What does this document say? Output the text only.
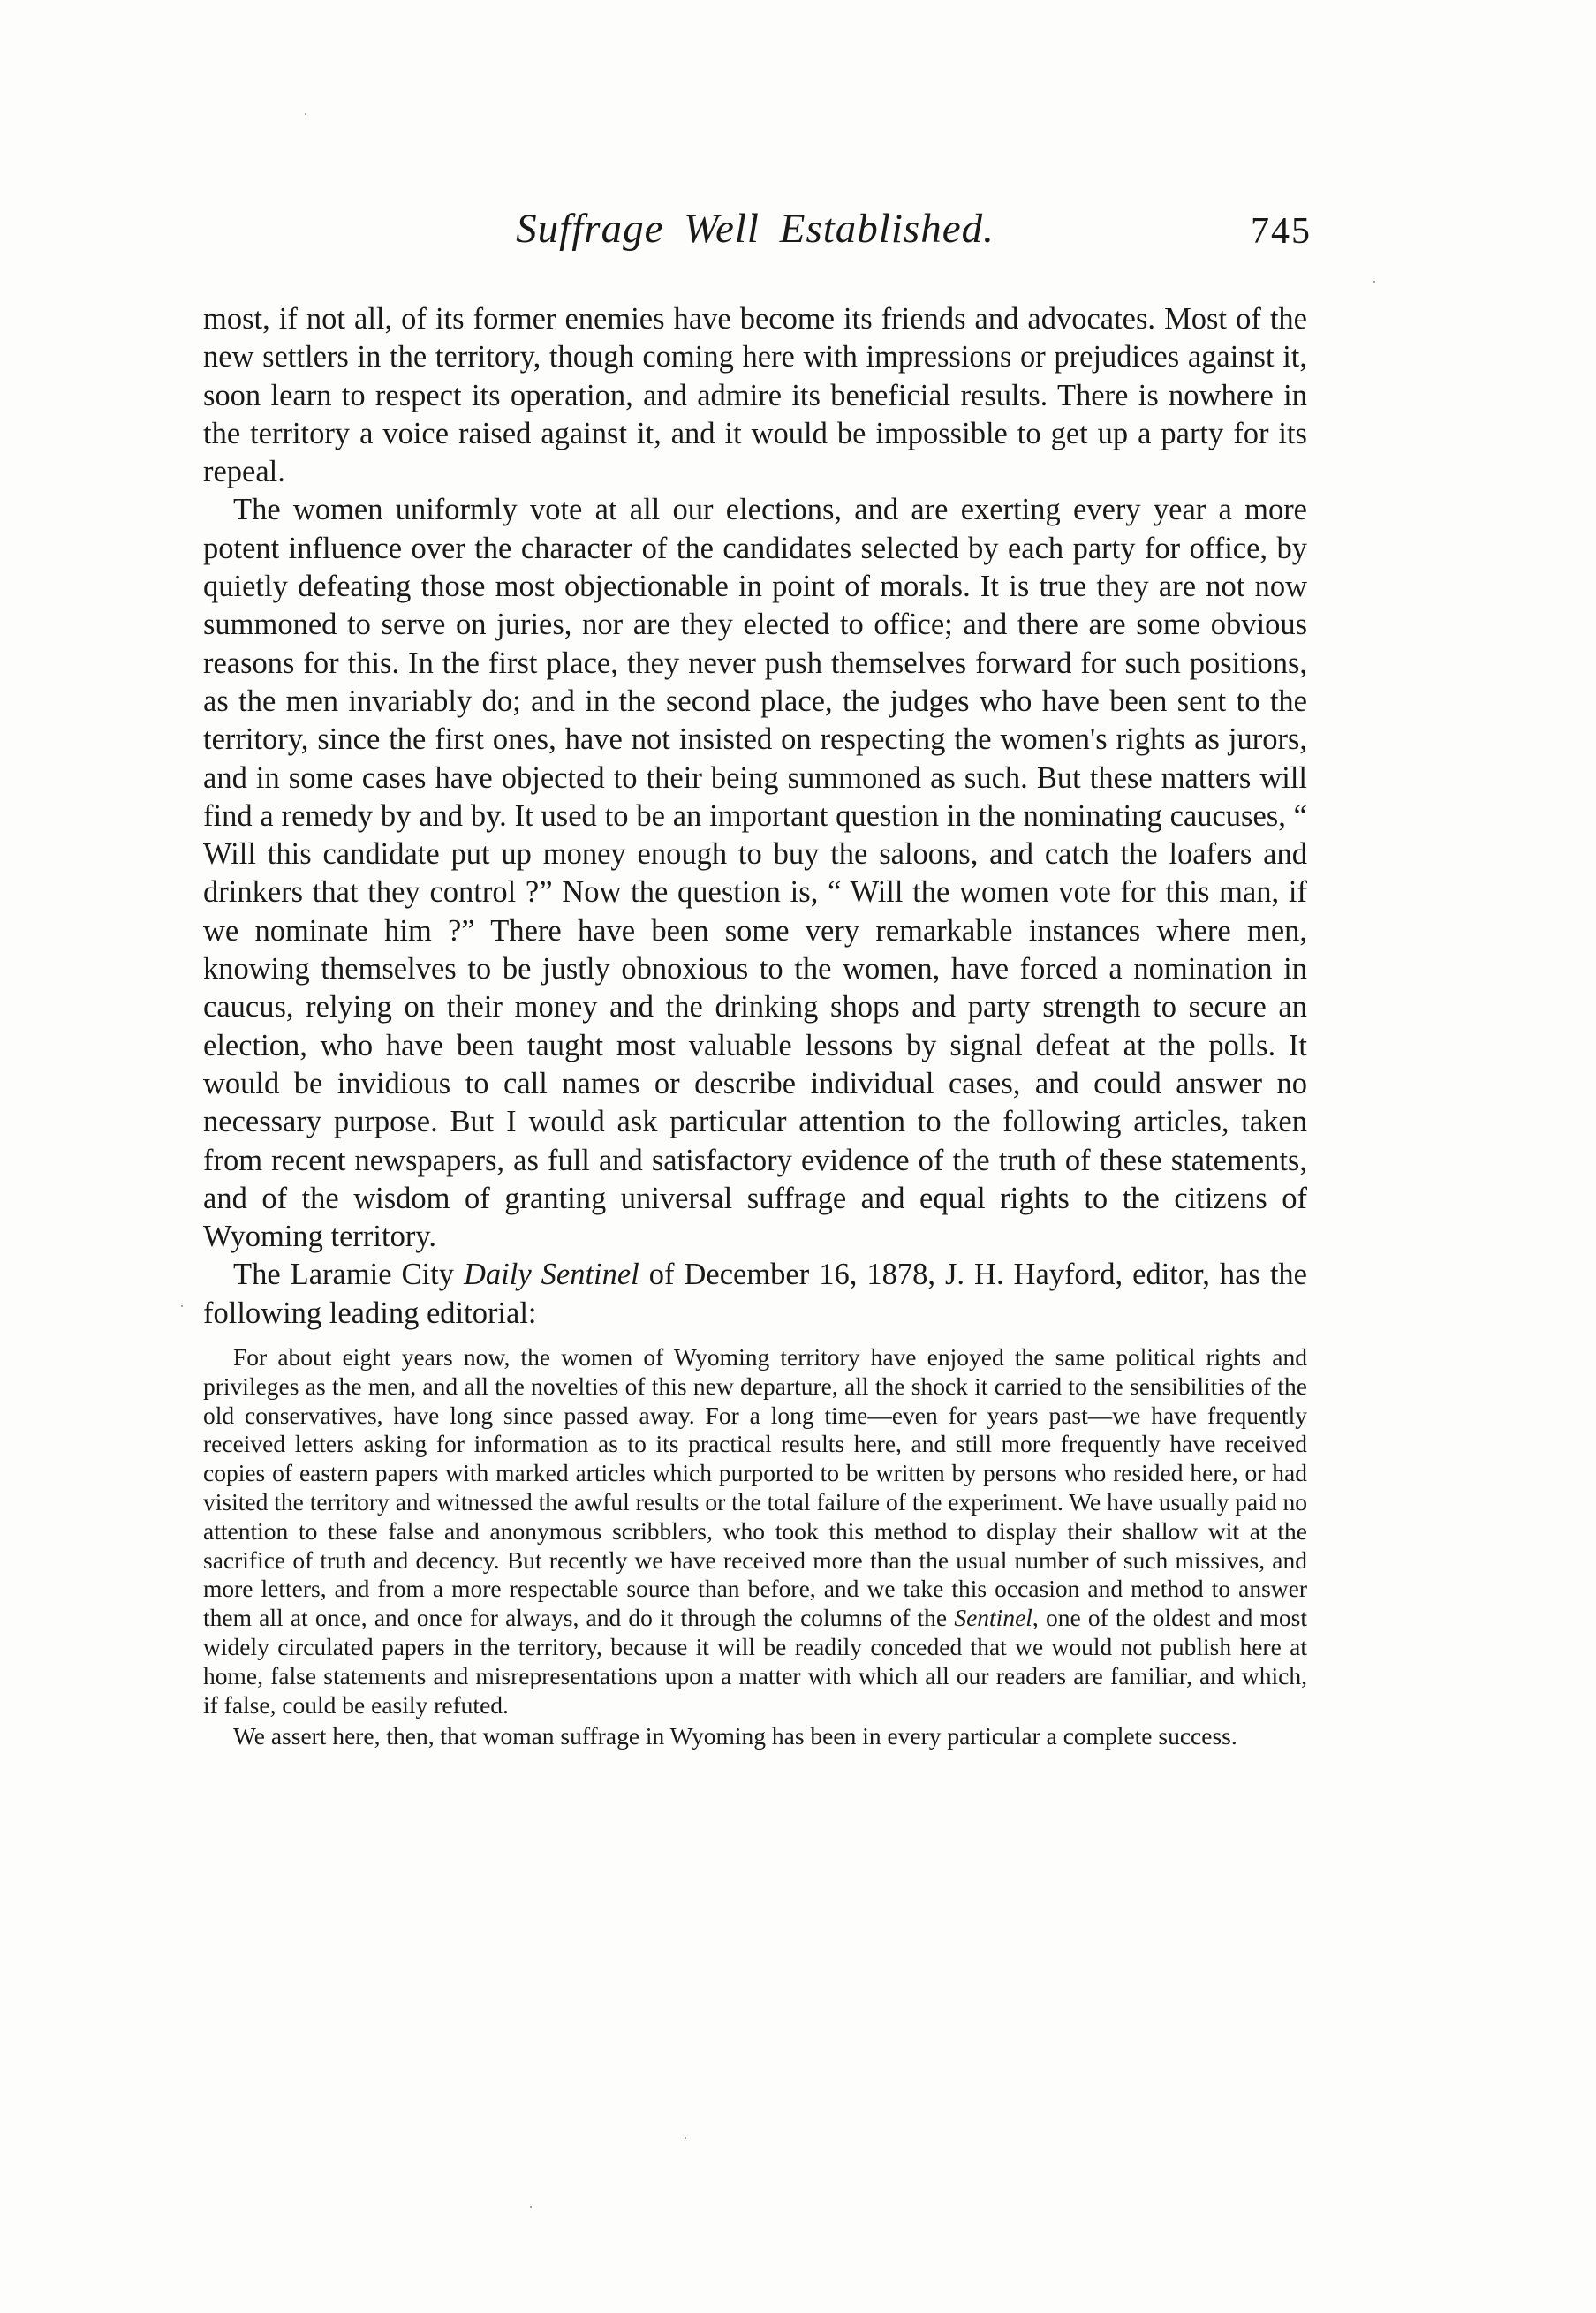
Suffrage Well Established.	745

most, if not all, of its former enemies have become its friends and advocates. Most of the new settlers in the territory, though coming here with impressions or prejudices against it, soon learn to respect its operation, and admire its beneficial results. There is nowhere in the territory a voice raised against it, and it would be impossible to get up a party for its repeal.

The women uniformly vote at all our elections, and are exerting every year a more potent influence over the character of the candidates selected by each party for office, by quietly defeating those most objectionable in point of morals. It is true they are not now summoned to serve on juries, nor are they elected to office; and there are some obvious reasons for this. In the first place, they never push themselves forward for such positions, as the men invariably do; and in the second place, the judges who have been sent to the territory, since the first ones, have not insisted on respecting the women's rights as jurors, and in some cases have objected to their being summoned as such. But these matters will find a remedy by and by. It used to be an important question in the nominating caucuses, “ Will this candidate put up money enough to buy the saloons, and catch the loafers and drinkers that they control ?” Now the question is, “ Will the women vote for this man, if we nominate him ?” There have been some very remarkable instances where men, knowing themselves to be justly obnoxious to the women, have forced a nomination in caucus, relying on their money and the drinking shops and party strength to secure an election, who have been taught most valuable lessons by signal defeat at the polls. It would be invidious to call names or describe individual cases, and could answer no necessary purpose. But I would ask particular attention to the following articles, taken from recent newspapers, as full and satisfactory evidence of the truth of these statements, and of the wisdom of granting universal suffrage and equal rights to the citizens of Wyoming territory.

The Laramie City Daily Sentinel of December 16, 1878, J. H. Hayford, editor, has the following leading editorial:

For about eight years now, the women of Wyoming territory have enjoyed the same political rights and privileges as the men, and all the novelties of this new departure, all the shock it carried to the sensibilities of the old conservatives, have long since passed away. For a long time—even for years past—we have frequently received letters asking for information as to its practical results here, and still more frequently have received copies of eastern papers with marked articles which purported to be written by persons who resided here, or had visited the territory and witnessed the awful results or the total failure of the experiment. We have usually paid no attention to these false and anonymous scribblers, who took this method to display their shallow wit at the sacrifice of truth and decency. But recently we have received more than the usual number of such missives, and more letters, and from a more respectable source than before, and we take this occasion and method to answer them all at once, and once for always, and do it through the columns of the Sentinel, one of the oldest and most widely circulated papers in the territory, because it will be readily conceded that we would not publish here at home, false statements and misrepresentations upon a matter with which all our readers are familiar, and which, if false, could be easily refuted.

We assert here, then, that woman suffrage in Wyoming has been in every particular a complete success.
